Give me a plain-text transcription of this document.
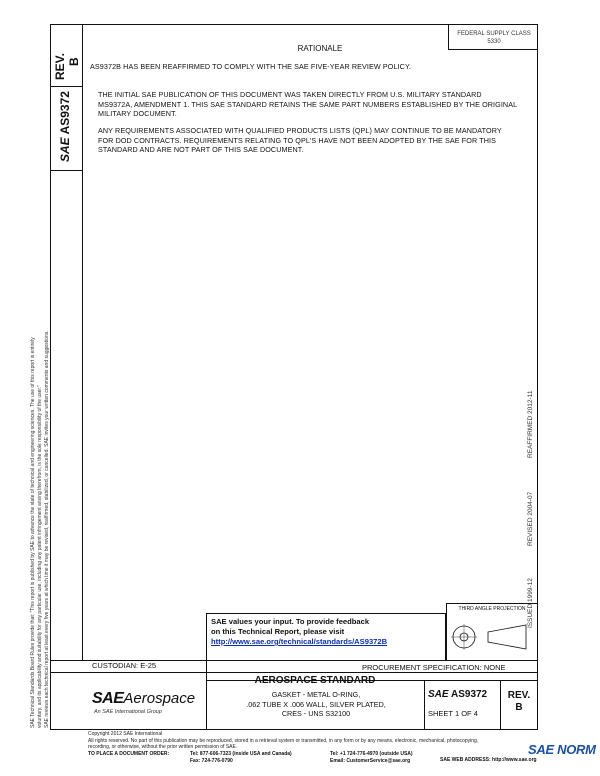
REV. B
SAE AS9372
FEDERAL SUPPLY CLASS
5330
RATIONALE
AS9372B HAS BEEN REAFFIRMED TO COMPLY WITH THE SAE FIVE-YEAR REVIEW POLICY.
THE INITIAL SAE PUBLICATION OF THIS DOCUMENT WAS TAKEN DIRECTLY FROM U.S. MILITARY STANDARD MS9372A, AMENDMENT 1. THIS SAE STANDARD RETAINS THE SAME PART NUMBERS ESTABLISHED BY THE ORIGINAL MILITARY DOCUMENT.
ANY REQUIREMENTS ASSOCIATED WITH QUALIFIED PRODUCTS LISTS (QPL) MAY CONTINUE TO BE MANDATORY FOR DOD CONTRACTS. REQUIREMENTS RELATING TO QPL'S HAVE NOT BEEN ADOPTED BY THE SAE FOR THIS STANDARD AND ARE NOT PART OF THIS SAE DOCUMENT.
ISSUED 1999-12
REVISED 2004-07
REAFFIRMED 2012-11
SAE Technical Standards Board Rules provide that: "This report is published by SAE to advance the state of technical and engineering sciences. The use of this report is entirely voluntary, and its applicability and suitability for any particular use, including any patent infringement arising therefrom, is the sole responsibility of the user." SAE reviews each technical report at least every five years at which time it may be revised, reaffirmed, stabilized, or cancelled. SAE invites your written comments and suggestions.	SAE values your input. To provide feedback
on this Technical Report, please visit
http://www.sae.org/technical/standards/AS9372B
THIRD ANGLE PROJECTION
CUSTODIAN: E-25	PROCUREMENT SPECIFICATION: NONE
SAEAerospace
An SAE International Group
AEROSPACE STANDARD
GASKET - METAL O-RING,
.062 TUBE X .006 WALL, SILVER PLATED,
CRES - UNS S32100
SAE AS9372
SHEET 1 OF 4
REV.
B
Copyright 2012 SAE International
All rights reserved. No part of this publication may be reproduced, stored in a retrieval system or transmitted, in any form or by any means, electronic, mechanical, photocopying,
recording, or otherwise, without the prior written permission of SAE.
TO PLACE A DOCUMENT ORDER:	Tel: 877-606-7323 (inside USA and Canada)
Fax: 724-776-0790
Tel: +1 724-776-4970 (outside USA)
Email: CustomerService@sae.org	SAE WEB ADDRESS: http://www.sae.org
SAE NORM
